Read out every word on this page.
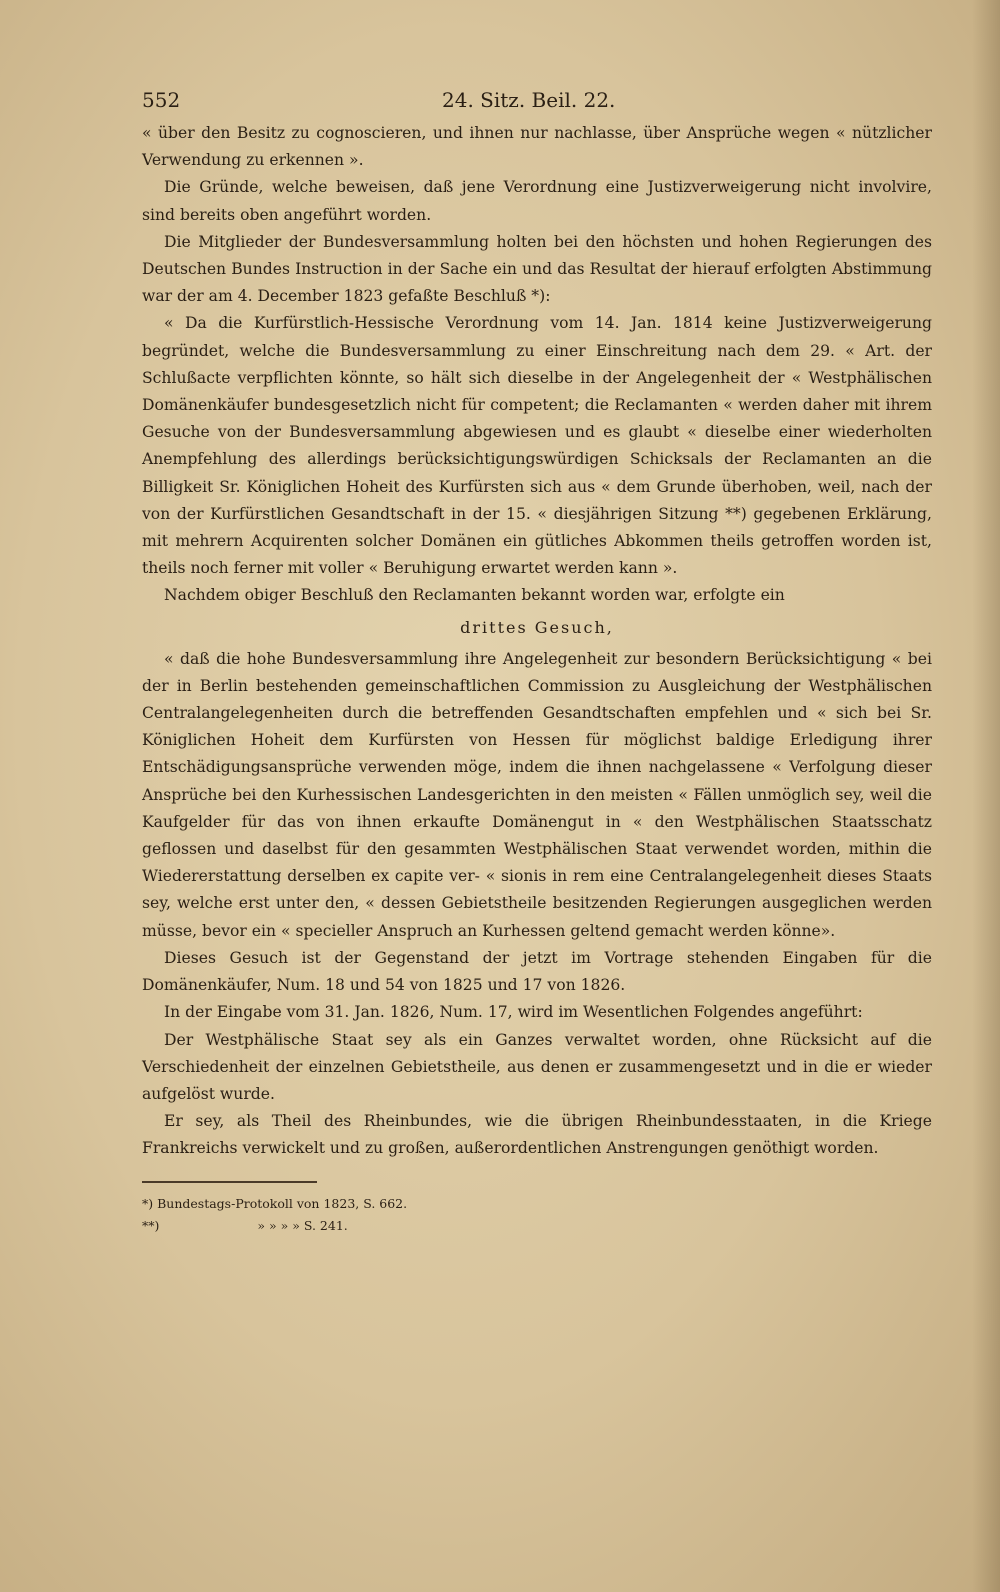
552	24. Sitz. Beil. 22.

« über den Besitz zu cognoscieren, und ihnen nur nachlasse, über Ansprüche wegen « nützlicher Verwendung zu erkennen ».

Die Gründe, welche beweisen, daß jene Verordnung eine Justizverweigerung nicht involvire, sind bereits oben angeführt worden.

Die Mitglieder der Bundesversammlung holten bei den höchsten und hohen Regierungen des Deutschen Bundes Instruction in der Sache ein und das Resultat der hierauf erfolgten Abstimmung war der am 4. December 1823 gefaßte Beschluß *):

« Da die Kurfürstlich-Hessische Verordnung vom 14. Jan. 1814 keine Justizverweigerung begründet, welche die Bundesversammlung zu einer Einschreitung nach dem 29. « Art. der Schlußacte verpflichten könnte, so hält sich dieselbe in der Angelegenheit der « Westphälischen Domänenkäufer bundesgesetzlich nicht für competent; die Reclamanten « werden daher mit ihrem Gesuche von der Bundesversammlung abgewiesen und es glaubt « dieselbe einer wiederholten Anempfehlung des allerdings berücksichtigungswürdigen Schicksals der Reclamanten an die Billigkeit Sr. Königlichen Hoheit des Kurfürsten sich aus « dem Grunde überhoben, weil, nach der von der Kurfürstlichen Gesandtschaft in der 15. « diesjährigen Sitzung **) gegebenen Erklärung, mit mehrern Acquirenten solcher Domänen ein gütliches Abkommen theils getroffen worden ist, theils noch ferner mit voller « Beruhigung erwartet werden kann ».

Nachdem obiger Beschluß den Reclamanten bekannt worden war, erfolgte ein

drittes Gesuch,

« daß die hohe Bundesversammlung ihre Angelegenheit zur besondern Berücksichtigung « bei der in Berlin bestehenden gemeinschaftlichen Commission zu Ausgleichung der Westphälischen Centralangelegenheiten durch die betreffenden Gesandtschaften empfehlen und « sich bei Sr. Königlichen Hoheit dem Kurfürsten von Hessen für möglichst baldige Erledigung ihrer Entschädigungsansprüche verwenden möge, indem die ihnen nachgelassene « Verfolgung dieser Ansprüche bei den Kurhessischen Landesgerichten in den meisten « Fällen unmöglich sey, weil die Kaufgelder für das von ihnen erkaufte Domänengut in « den Westphälischen Staatsschatz geflossen und daselbst für den gesammten Westphälischen Staat verwendet worden, mithin die Wiedererstattung derselben ex capite ver- « sionis in rem eine Centralangelegenheit dieses Staats sey, welche erst unter den, « dessen Gebietstheile besitzenden Regierungen ausgeglichen werden müsse, bevor ein « specieller Anspruch an Kurhessen geltend gemacht werden könne».

Dieses Gesuch ist der Gegenstand der jetzt im Vortrage stehenden Eingaben für die Domänenkäufer, Num. 18 und 54 von 1825 und 17 von 1826.

In der Eingabe vom 31. Jan. 1826, Num. 17, wird im Wesentlichen Folgendes angeführt:

Der Westphälische Staat sey als ein Ganzes verwaltet worden, ohne Rücksicht auf die Verschiedenheit der einzelnen Gebietstheile, aus denen er zusammengesetzt und in die er wieder aufgelöst wurde.

Er sey, als Theil des Rheinbundes, wie die übrigen Rheinbundesstaaten, in die Kriege Frankreichs verwickelt und zu großen, außerordentlichen Anstrengungen genöthigt worden.

*) Bundestags-Protokoll von 1823, S. 662.
**)	» » » » S. 241.
